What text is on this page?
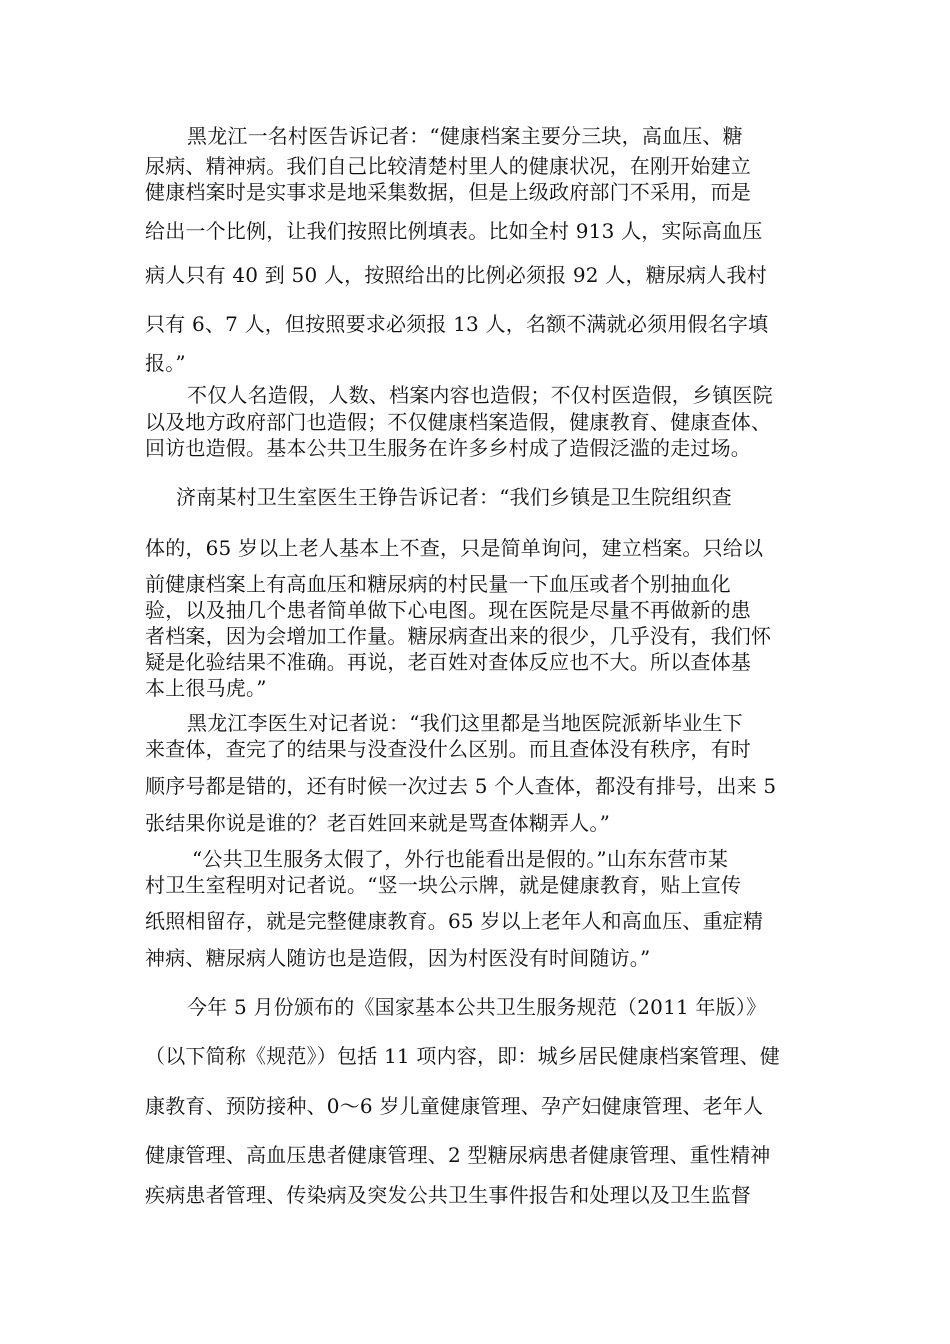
黑龙江一名村医告诉记者：“健康档案主要分三块，高血压、糖
尿病、精神病。我们自己比较清楚村里人的健康状况，在刚开始建立
健康档案时是实事求是地采集数据，但是上级政府部门不采用，而是
给出一个比例，让我们按照比例填表。比如全村 913 人，实际高血压
病人只有 40 到 50 人，按照给出的比例必须报 92 人，糖尿病人我村
只有 6、7 人，但按照要求必须报 13 人，名额不满就必须用假名字填
报。”
不仅人名造假，人数、档案内容也造假；不仅村医造假，乡镇医院
以及地方政府部门也造假；不仅健康档案造假，健康教育、健康查体、
回访也造假。基本公共卫生服务在许多乡村成了造假泛滥的走过场。
济南某村卫生室医生王铮告诉记者：“我们乡镇是卫生院组织查
体的，65 岁以上老人基本上不查，只是简单询问，建立档案。只给以
前健康档案上有高血压和糖尿病的村民量一下血压或者个别抽血化
验，以及抽几个患者简单做下心电图。现在医院是尽量不再做新的患
者档案，因为会增加工作量。糖尿病查出来的很少，几乎没有，我们怀
疑是化验结果不准确。再说，老百姓对查体反应也不大。所以查体基
本上很马虎。”
黑龙江李医生对记者说：“我们这里都是当地医院派新毕业生下
来查体，查完了的结果与没查没什么区别。而且查体没有秩序，有时
顺序号都是错的，还有时候一次过去 5 个人查体，都没有排号，出来 5
张结果你说是谁的？老百姓回来就是骂查体糊弄人。”
“公共卫生服务太假了，外行也能看出是假的。”山东东营市某
村卫生室程明对记者说。“竖一块公示牌，就是健康教育，贴上宣传
纸照相留存，就是完整健康教育。65 岁以上老年人和高血压、重症精
神病、糖尿病人随访也是造假，因为村医没有时间随访。”
今年 5 月份颁布的《国家基本公共卫生服务规范（2011 年版）》
（以下简称《规范》）包括 11 项内容，即：城乡居民健康档案管理、健
康教育、预防接种、0～6 岁儿童健康管理、孕产妇健康管理、老年人
健康管理、高血压患者健康管理、2 型糖尿病患者健康管理、重性精神
疾病患者管理、传染病及突发公共卫生事件报告和处理以及卫生监督
